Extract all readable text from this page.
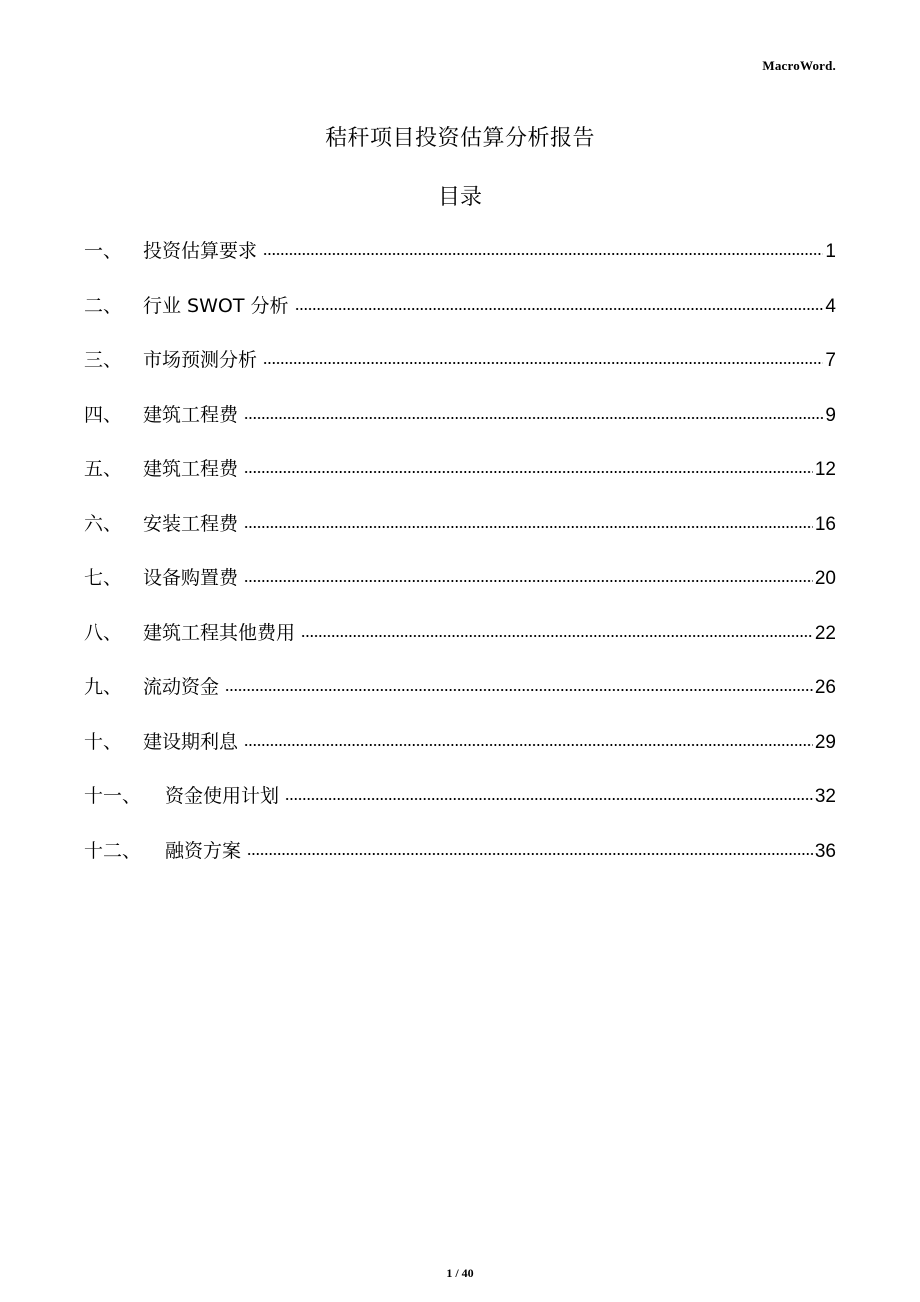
MacroWord.
秸秆项目投资估算分析报告
目录
一、	投资估算要求	1
二、	行业 SWOT 分析	4
三、	市场预测分析	7
四、	建筑工程费	9
五、	建筑工程费	12
六、	安装工程费	16
七、	设备购置费	20
八、	建筑工程其他费用	22
九、	流动资金	26
十、	建设期利息	29
十一、	资金使用计划	32
十二、	融资方案	36
1 / 40
